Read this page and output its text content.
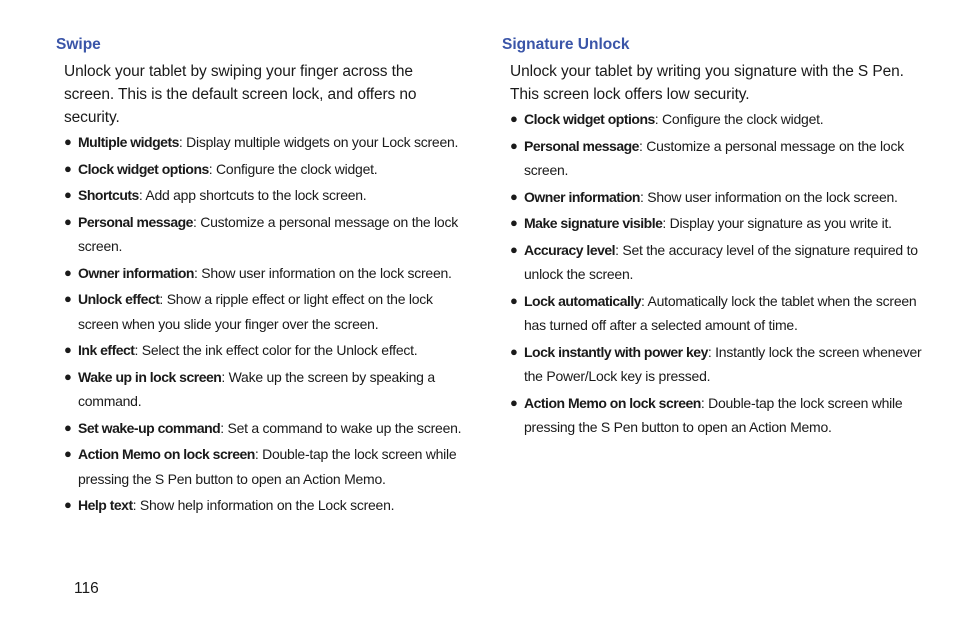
Swipe

Unlock your tablet by swiping your finger across the screen. This is the default screen lock, and offers no security.

● Multiple widgets: Display multiple widgets on your Lock screen.
● Clock widget options: Configure the clock widget.
● Shortcuts: Add app shortcuts to the lock screen.
● Personal message: Customize a personal message on the lock screen.
● Owner information: Show user information on the lock screen.
● Unlock effect: Show a ripple effect or light effect on the lock screen when you slide your finger over the screen.
● Ink effect: Select the ink effect color for the Unlock effect.
● Wake up in lock screen: Wake up the screen by speaking a command.
● Set wake-up command: Set a command to wake up the screen.
● Action Memo on lock screen: Double-tap the lock screen while pressing the S Pen button to open an Action Memo.
● Help text: Show help information on the Lock screen.
Signature Unlock

Unlock your tablet by writing you signature with the S Pen. This screen lock offers low security.

● Clock widget options: Configure the clock widget.
● Personal message: Customize a personal message on the lock screen.
● Owner information: Show user information on the lock screen.
● Make signature visible: Display your signature as you write it.
● Accuracy level: Set the accuracy level of the signature required to unlock the screen.
● Lock automatically: Automatically lock the tablet when the screen has turned off after a selected amount of time.
● Lock instantly with power key: Instantly lock the screen whenever the Power/Lock key is pressed.
● Action Memo on lock screen: Double-tap the lock screen while pressing the S Pen button to open an Action Memo.
116
